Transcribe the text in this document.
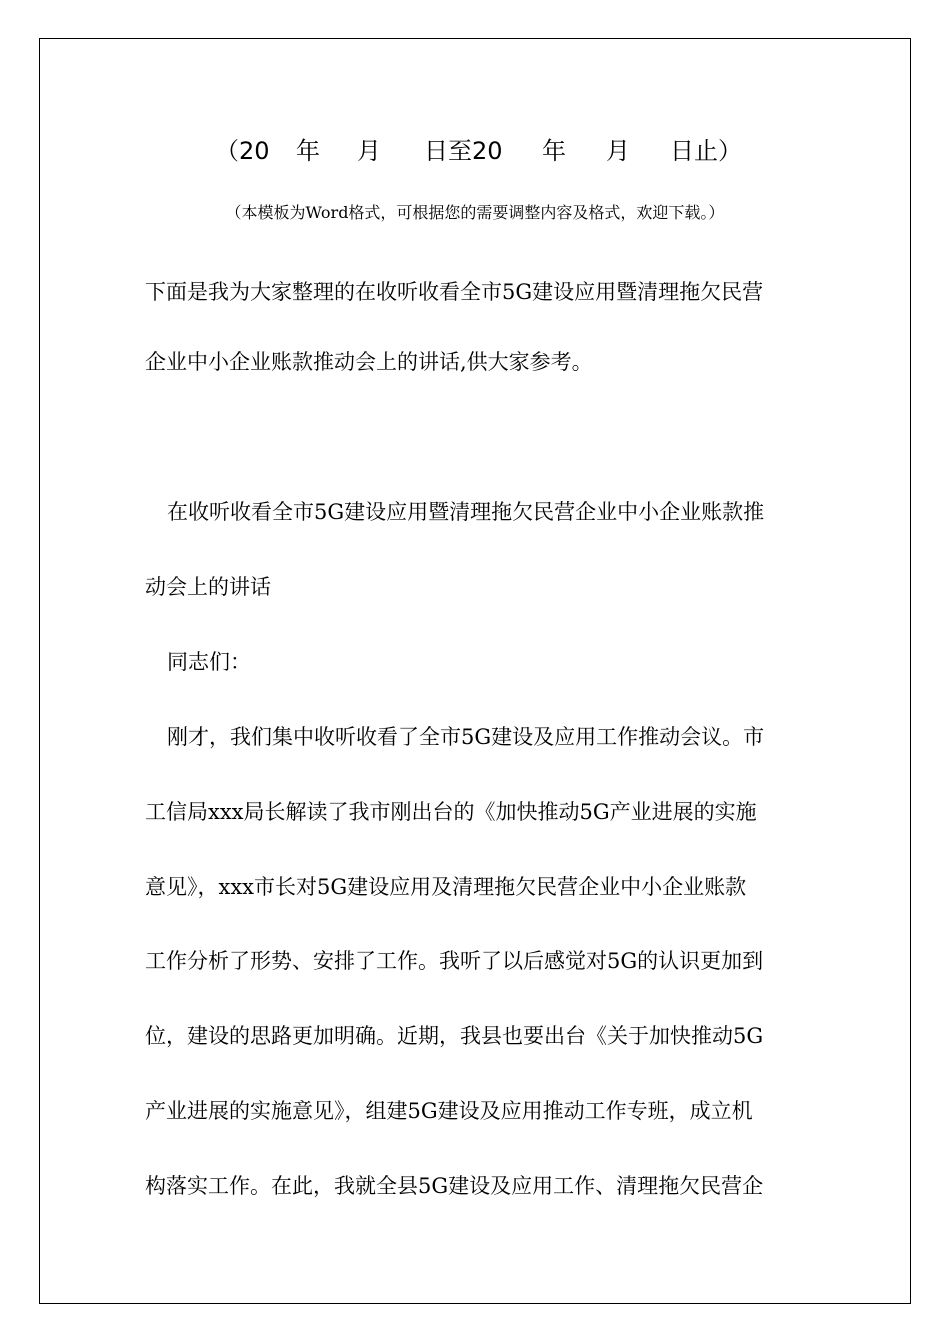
（20 年 月 日至20 年 月 日止）
（本模板为Word格式，可根据您的需要调整内容及格式，欢迎下载。）
下面是我为大家整理的在收听收看全市5G建设应用暨清理拖欠民营
企业中小企业账款推动会上的讲话,供大家参考。
在收听收看全市5G建设应用暨清理拖欠民营企业中小企业账款推
动会上的讲话
同志们：
刚才，我们集中收听收看了全市5G建设及应用工作推动会议。市
工信局xxx局长解读了我市刚出台的《加快推动5G产业进展的实施
意见》，xxx市长对5G建设应用及清理拖欠民营企业中小企业账款
工作分析了形势、安排了工作。我听了以后感觉对5G的认识更加到
位，建设的思路更加明确。近期，我县也要出台《关于加快推动5G
产业进展的实施意见》，组建5G建设及应用推动工作专班，成立机
构落实工作。在此，我就全县5G建设及应用工作、清理拖欠民营企
